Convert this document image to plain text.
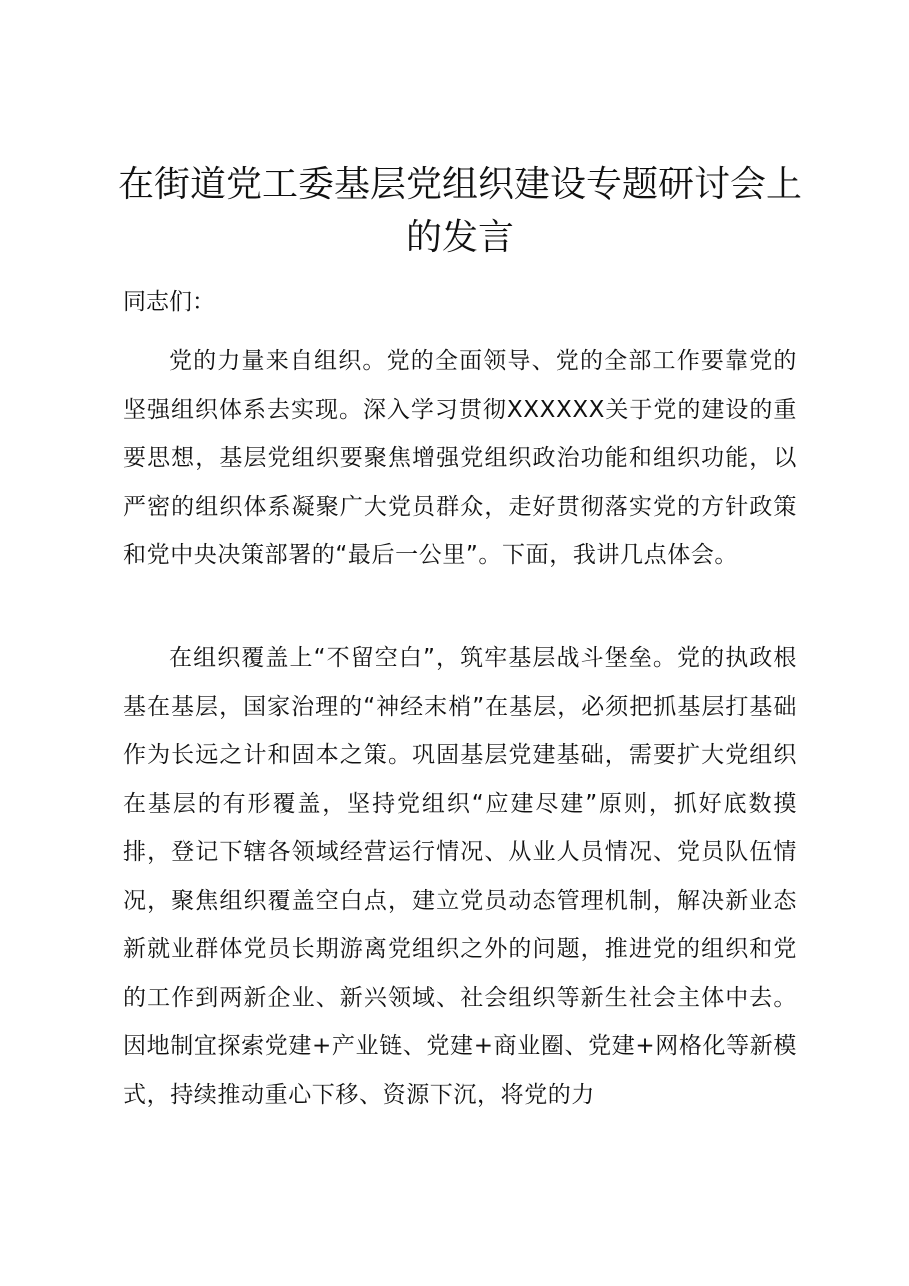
在街道党工委基层党组织建设专题研讨会上的发言

同志们：

党的力量来自组织。党的全面领导、党的全部工作要靠党的坚强组织体系去实现。深入学习贯彻XXXXXX关于党的建设的重要思想，基层党组织要聚焦增强党组织政治功能和组织功能，以严密的组织体系凝聚广大党员群众，走好贯彻落实党的方针政策和党中央决策部署的“最后一公里”。下面，我讲几点体会。

在组织覆盖上“不留空白”，筑牢基层战斗堡垒。党的执政根基在基层，国家治理的“神经末梢”在基层，必须把抓基层打基础作为长远之计和固本之策。巩固基层党建基础，需要扩大党组织在基层的有形覆盖，坚持党组织“应建尽建”原则，抓好底数摸排，登记下辖各领域经营运行情况、从业人员情况、党员队伍情况，聚焦组织覆盖空白点，建立党员动态管理机制，解决新业态新就业群体党员长期游离党组织之外的问题，推进党的组织和党的工作到两新企业、新兴领域、社会组织等新生社会主体中去。因地制宜探索党建+产业链、党建+商业圈、党建+网格化等新模式，持续推动重心下移、资源下沉，将党的力
